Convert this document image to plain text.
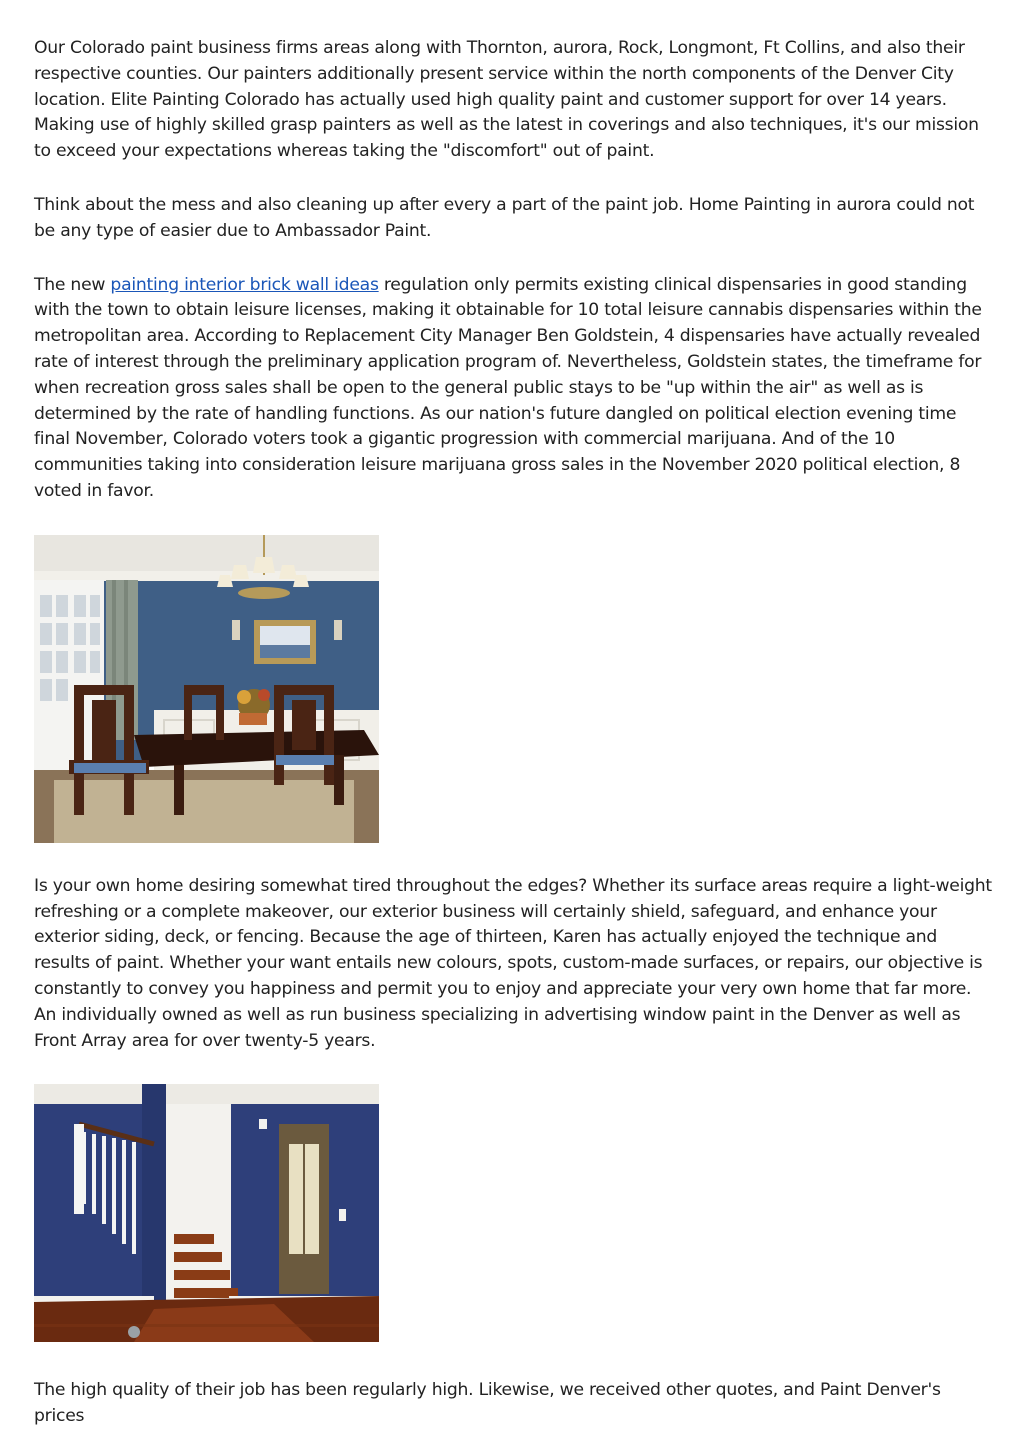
Our Colorado paint business firms areas along with Thornton, aurora, Rock, Longmont, Ft Collins, and also their respective counties. Our painters additionally present service within the north components of the Denver City location. Elite Painting Colorado has actually used high quality paint and customer support for over 14 years. Making use of highly skilled grasp painters as well as the latest in coverings and also techniques, it's our mission to exceed your expectations whereas taking the "discomfort" out of paint.

Think about the mess and also cleaning up after every a part of the paint job. Home Painting in aurora could not be any type of easier due to Ambassador Paint.

The new painting interior brick wall ideas regulation only permits existing clinical dispensaries in good standing with the town to obtain leisure licenses, making it obtainable for 10 total leisure cannabis dispensaries within the metropolitan area. According to Replacement City Manager Ben Goldstein, 4 dispensaries have actually revealed rate of interest through the preliminary application program of. Nevertheless, Goldstein states, the timeframe for when recreation gross sales shall be open to the general public stays to be "up within the air" as well as is determined by the rate of handling functions. As our nation's future dangled on political election evening time final November, Colorado voters took a gigantic progression with commercial marijuana. And of the 10 communities taking into consideration leisure marijuana gross sales in the November 2020 political election, 8 voted in favor.

Is your own home desiring somewhat tired throughout the edges? Whether its surface areas require a light-weight refreshing or a complete makeover, our exterior business will certainly shield, safeguard, and enhance your exterior siding, deck, or fencing. Because the age of thirteen, Karen has actually enjoyed the technique and results of paint. Whether your want entails new colours, spots, custom-made surfaces, or repairs, our objective is constantly to convey you happiness and permit you to enjoy and appreciate your very own home that far more. An individually owned as well as run business specializing in advertising window paint in the Denver as well as Front Array area for over twenty-5 years.

The high quality of their job has been regularly high. Likewise, we received other quotes, and Paint Denver's prices
